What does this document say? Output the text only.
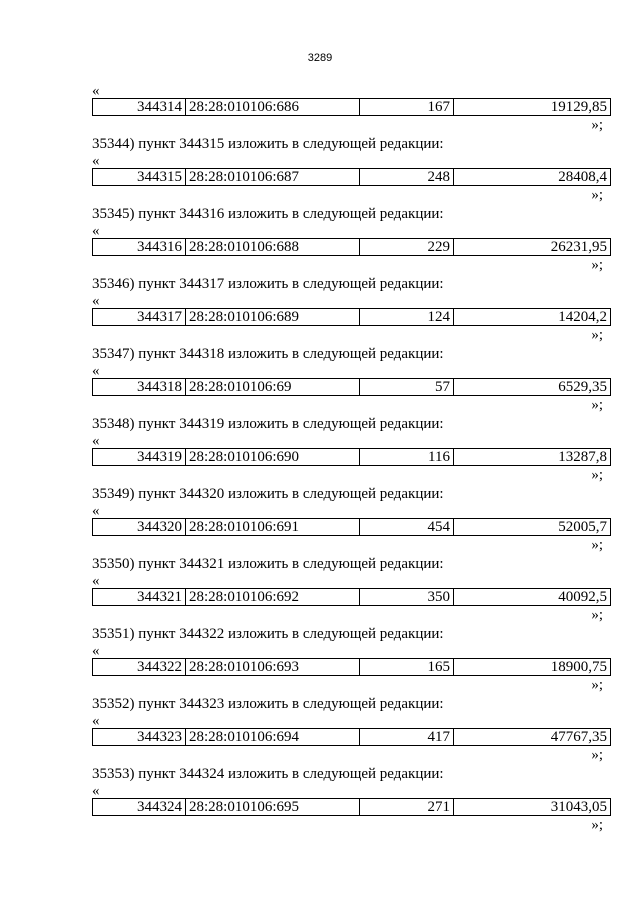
3289
«
344314	28:28:010106:686	167	19129,85
»;
35344) пункт 344315 изложить в следующей редакции:
«
344315	28:28:010106:687	248	28408,4
»;
35345) пункт 344316 изложить в следующей редакции:
«
344316	28:28:010106:688	229	26231,95
»;
35346) пункт 344317 изложить в следующей редакции:
«
344317	28:28:010106:689	124	14204,2
»;
35347) пункт 344318 изложить в следующей редакции:
«
344318	28:28:010106:69	57	6529,35
»;
35348) пункт 344319 изложить в следующей редакции:
«
344319	28:28:010106:690	116	13287,8
»;
35349) пункт 344320 изложить в следующей редакции:
«
344320	28:28:010106:691	454	52005,7
»;
35350) пункт 344321 изложить в следующей редакции:
«
344321	28:28:010106:692	350	40092,5
»;
35351) пункт 344322 изложить в следующей редакции:
«
344322	28:28:010106:693	165	18900,75
»;
35352) пункт 344323 изложить в следующей редакции:
«
344323	28:28:010106:694	417	47767,35
»;
35353) пункт 344324 изложить в следующей редакции:
«
344324	28:28:010106:695	271	31043,05
»;
